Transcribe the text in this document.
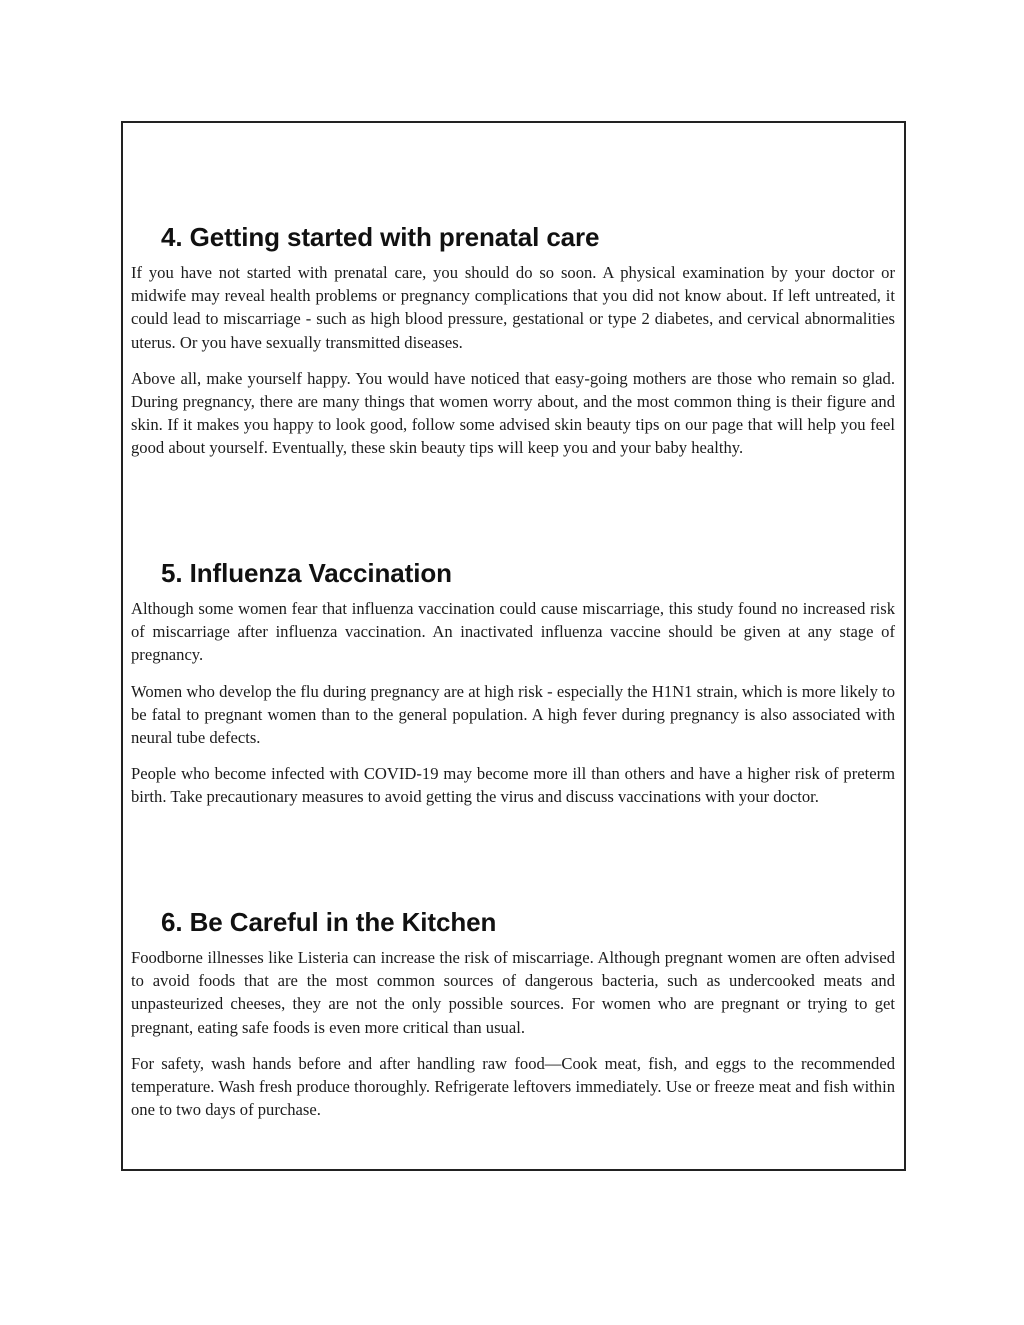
4. Getting started with prenatal care

If you have not started with prenatal care, you should do so soon. A physical examination by your doctor or midwife may reveal health problems or pregnancy complications that you did not know about. If left untreated, it could lead to miscarriage - such as high blood pressure, gestational or type 2 diabetes, and cervical abnormalities uterus. Or you have sexually transmitted diseases.

Above all, make yourself happy. You would have noticed that easy-going mothers are those who remain so glad. During pregnancy, there are many things that women worry about, and the most common thing is their figure and skin. If it makes you happy to look good, follow some advised skin beauty tips on our page that will help you feel good about yourself. Eventually, these skin beauty tips will keep you and your baby healthy.

5. Influenza Vaccination

Although some women fear that influenza vaccination could cause miscarriage, this study found no increased risk of miscarriage after influenza vaccination. An inactivated influenza vaccine should be given at any stage of pregnancy.

Women who develop the flu during pregnancy are at high risk - especially the H1N1 strain, which is more likely to be fatal to pregnant women than to the general population. A high fever during pregnancy is also associated with neural tube defects.

People who become infected with COVID-19 may become more ill than others and have a higher risk of preterm birth. Take precautionary measures to avoid getting the virus and discuss vaccinations with your doctor.

6. Be Careful in the Kitchen

Foodborne illnesses like Listeria can increase the risk of miscarriage. Although pregnant women are often advised to avoid foods that are the most common sources of dangerous bacteria, such as undercooked meats and unpasteurized cheeses, they are not the only possible sources. For women who are pregnant or trying to get pregnant, eating safe foods is even more critical than usual.

For safety, wash hands before and after handling raw food—Cook meat, fish, and eggs to the recommended temperature. Wash fresh produce thoroughly. Refrigerate leftovers immediately. Use or freeze meat and fish within one to two days of purchase.
